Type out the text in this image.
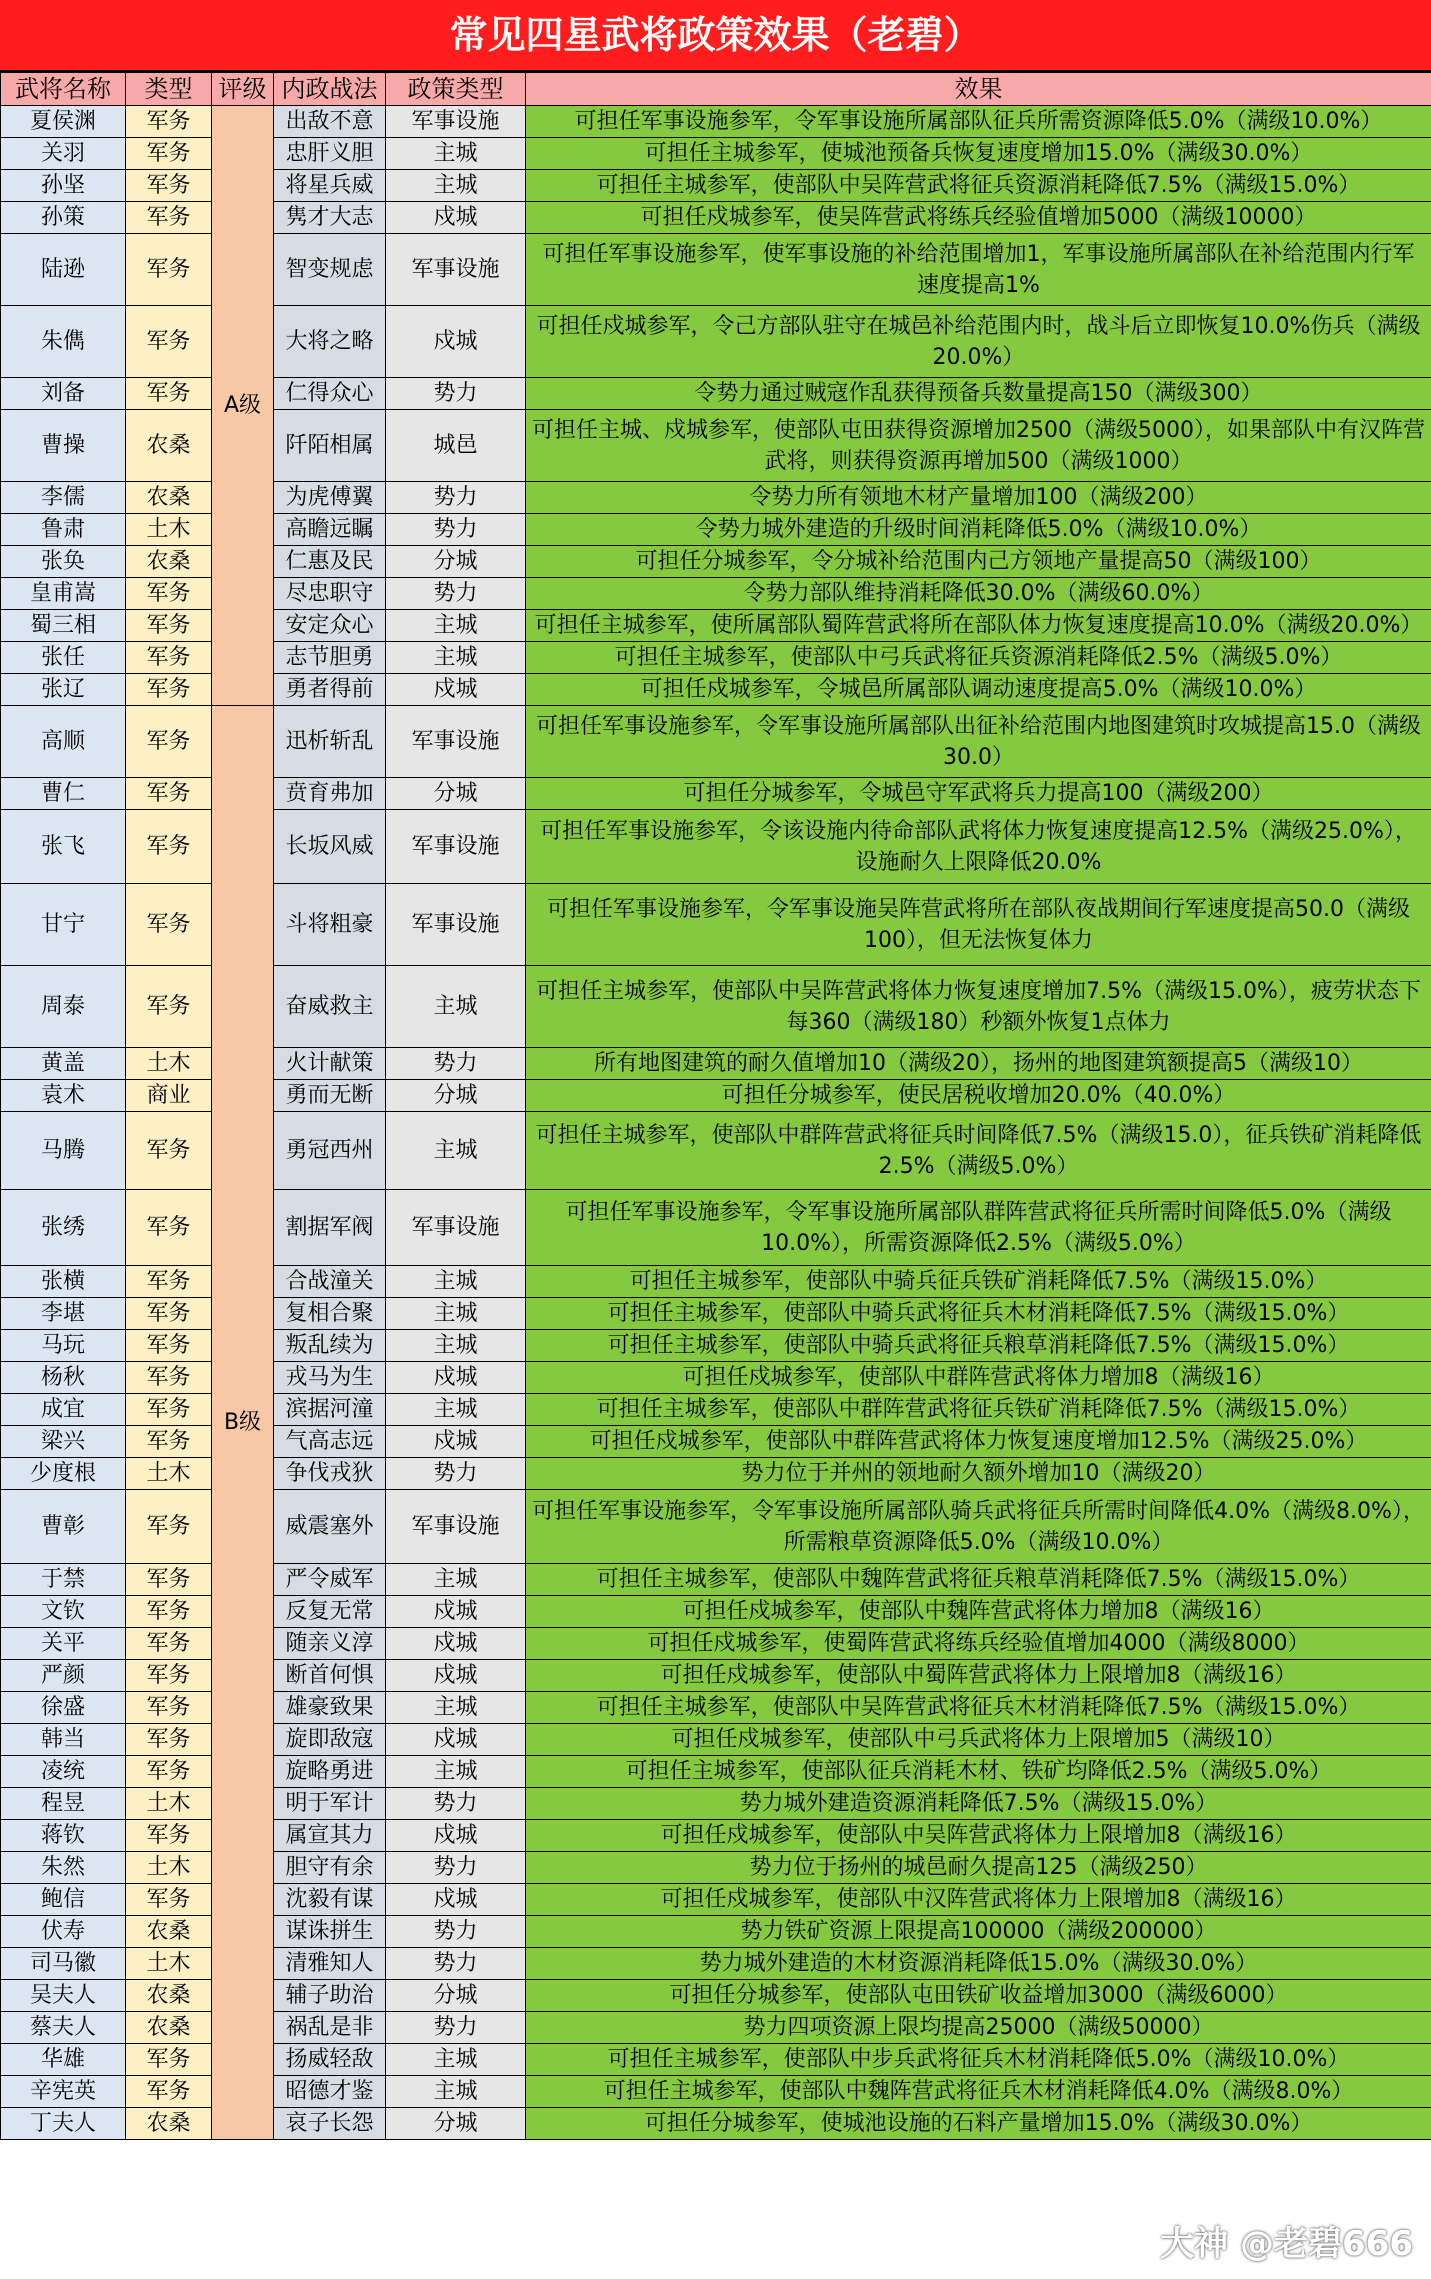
常见四星武将政策效果（老碧）
武将名称	类型	评级	内政战法	政策类型	效果
夏侯渊	军务	A级	出敌不意	军事设施	可担任军事设施参军，令军事设施所属部队征兵所需资源降低5.0%（满级10.0%）
关羽	军务		忠肝义胆	主城	可担任主城参军，使城池预备兵恢复速度增加15.0%（满级30.0%）
孙坚	军务		将星兵威	主城	可担任主城参军，使部队中吴阵营武将征兵资源消耗降低7.5%（满级15.0%）
孙策	军务		隽才大志	戍城	可担任戍城参军，使吴阵营武将练兵经验值增加5000（满级10000）
陆逊	军务		智变规虑	军事设施	可担任军事设施参军，使军事设施的补给范围增加1，军事设施所属部队在补给范围内行军速度提高1%
朱儁	军务		大将之略	戍城	可担任戍城参军，令己方部队驻守在城邑补给范围内时，战斗后立即恢复10.0%伤兵（满级20.0%）
刘备	军务		仁得众心	势力	令势力通过贼寇作乱获得预备兵数量提高150（满级300）
曹操	农桑		阡陌相属	城邑	可担任主城、戍城参军，使部队屯田获得资源增加2500（满级5000），如果部队中有汉阵营武将，则获得资源再增加500（满级1000）
李儒	农桑		为虎傅翼	势力	令势力所有领地木材产量增加100（满级200）
鲁肃	土木		高瞻远瞩	势力	令势力城外建造的升级时间消耗降低5.0%（满级10.0%）
张奂	农桑		仁惠及民	分城	可担任分城参军，令分城补给范围内己方领地产量提高50（满级100）
皇甫嵩	军务		尽忠职守	势力	令势力部队维持消耗降低30.0%（满级60.0%）
蜀三相	军务		安定众心	主城	可担任主城参军，使所属部队蜀阵营武将所在部队体力恢复速度提高10.0%（满级20.0%）
张任	军务		志节胆勇	主城	可担任主城参军，使部队中弓兵武将征兵资源消耗降低2.5%（满级5.0%）
张辽	军务		勇者得前	戍城	可担任戍城参军，令城邑所属部队调动速度提高5.0%（满级10.0%）
高顺	军务	B级	迅析斩乱	军事设施	可担任军事设施参军，令军事设施所属部队出征补给范围内地图建筑时攻城提高15.0（满级30.0）
曹仁	军务		贲育弗加	分城	可担任分城参军，令城邑守军武将兵力提高100（满级200）
张飞	军务		长坂风威	军事设施	可担任军事设施参军，令该设施内待命部队武将体力恢复速度提高12.5%（满级25.0%），设施耐久上限降低20.0%
甘宁	军务		斗将粗豪	军事设施	可担任军事设施参军，令军事设施吴阵营武将所在部队夜战期间行军速度提高50.0（满级100），但无法恢复体力
周泰	军务		奋威救主	主城	可担任主城参军，使部队中吴阵营武将体力恢复速度增加7.5%（满级15.0%），疲劳状态下每360（满级180）秒额外恢复1点体力
黄盖	土木		火计献策	势力	所有地图建筑的耐久值增加10（满级20），扬州的地图建筑额提高5（满级10）
袁术	商业		勇而无断	分城	可担任分城参军，使民居税收增加20.0%（40.0%）
马腾	军务		勇冠西州	主城	可担任主城参军，使部队中群阵营武将征兵时间降低7.5%（满级15.0），征兵铁矿消耗降低2.5%（满级5.0%）
张绣	军务		割据军阀	军事设施	可担任军事设施参军，令军事设施所属部队群阵营武将征兵所需时间降低5.0%（满级10.0%），所需资源降低2.5%（满级5.0%）
张横	军务		合战潼关	主城	可担任主城参军，使部队中骑兵征兵铁矿消耗降低7.5%（满级15.0%）
李堪	军务		复相合聚	主城	可担任主城参军，使部队中骑兵武将征兵木材消耗降低7.5%（满级15.0%）
马玩	军务		叛乱续为	主城	可担任主城参军，使部队中骑兵武将征兵粮草消耗降低7.5%（满级15.0%）
杨秋	军务		戎马为生	戍城	可担任戍城参军，使部队中群阵营武将体力增加8（满级16）
成宜	军务		滨据河潼	主城	可担任主城参军，使部队中群阵营武将征兵铁矿消耗降低7.5%（满级15.0%）
梁兴	军务		气高志远	戍城	可担任戍城参军，使部队中群阵营武将体力恢复速度增加12.5%（满级25.0%）
少度根	土木		争伐戎狄	势力	势力位于并州的领地耐久额外增加10（满级20）
曹彰	军务		威震塞外	军事设施	可担任军事设施参军，令军事设施所属部队骑兵武将征兵所需时间降低4.0%（满级8.0%），所需粮草资源降低5.0%（满级10.0%）
于禁	军务		严令威军	主城	可担任主城参军，使部队中魏阵营武将征兵粮草消耗降低7.5%（满级15.0%）
文钦	军务		反复无常	戍城	可担任戍城参军，使部队中魏阵营武将体力增加8（满级16）
关平	军务		随亲义淳	戍城	可担任戍城参军，使蜀阵营武将练兵经验值增加4000（满级8000）
严颜	军务		断首何惧	戍城	可担任戍城参军，使部队中蜀阵营武将体力上限增加8（满级16）
徐盛	军务		雄豪致果	主城	可担任主城参军，使部队中吴阵营武将征兵木材消耗降低7.5%（满级15.0%）
韩当	军务		旋即敌寇	戍城	可担任戍城参军，使部队中弓兵武将体力上限增加5（满级10）
凌统	军务		旋略勇进	主城	可担任主城参军，使部队征兵消耗木材、铁矿均降低2.5%（满级5.0%）
程昱	土木		明于军计	势力	势力城外建造资源消耗降低7.5%（满级15.0%）
蒋钦	军务		属宣其力	戍城	可担任戍城参军，使部队中吴阵营武将体力上限增加8（满级16）
朱然	土木		胆守有余	势力	势力位于扬州的城邑耐久提高125（满级250）
鲍信	军务		沈毅有谋	戍城	可担任戍城参军，使部队中汉阵营武将体力上限增加8（满级16）
伏寿	农桑		谋诛拼生	势力	势力铁矿资源上限提高100000（满级200000）
司马徽	土木		清雅知人	势力	势力城外建造的木材资源消耗降低15.0%（满级30.0%）
吴夫人	农桑		辅子助治	分城	可担任分城参军，使部队屯田铁矿收益增加3000（满级6000）
蔡夫人	农桑		祸乱是非	势力	势力四项资源上限均提高25000（满级50000）
华雄	军务		扬威轻敌	主城	可担任主城参军，使部队中步兵武将征兵木材消耗降低5.0%（满级10.0%）
辛宪英	军务		昭德才鉴	主城	可担任主城参军，使部队中魏阵营武将征兵木材消耗降低4.0%（满级8.0%）
丁夫人	农桑		哀子长怨	分城	可担任分城参军，使城池设施的石料产量增加15.0%（满级30.0%）
大神 @老碧666
